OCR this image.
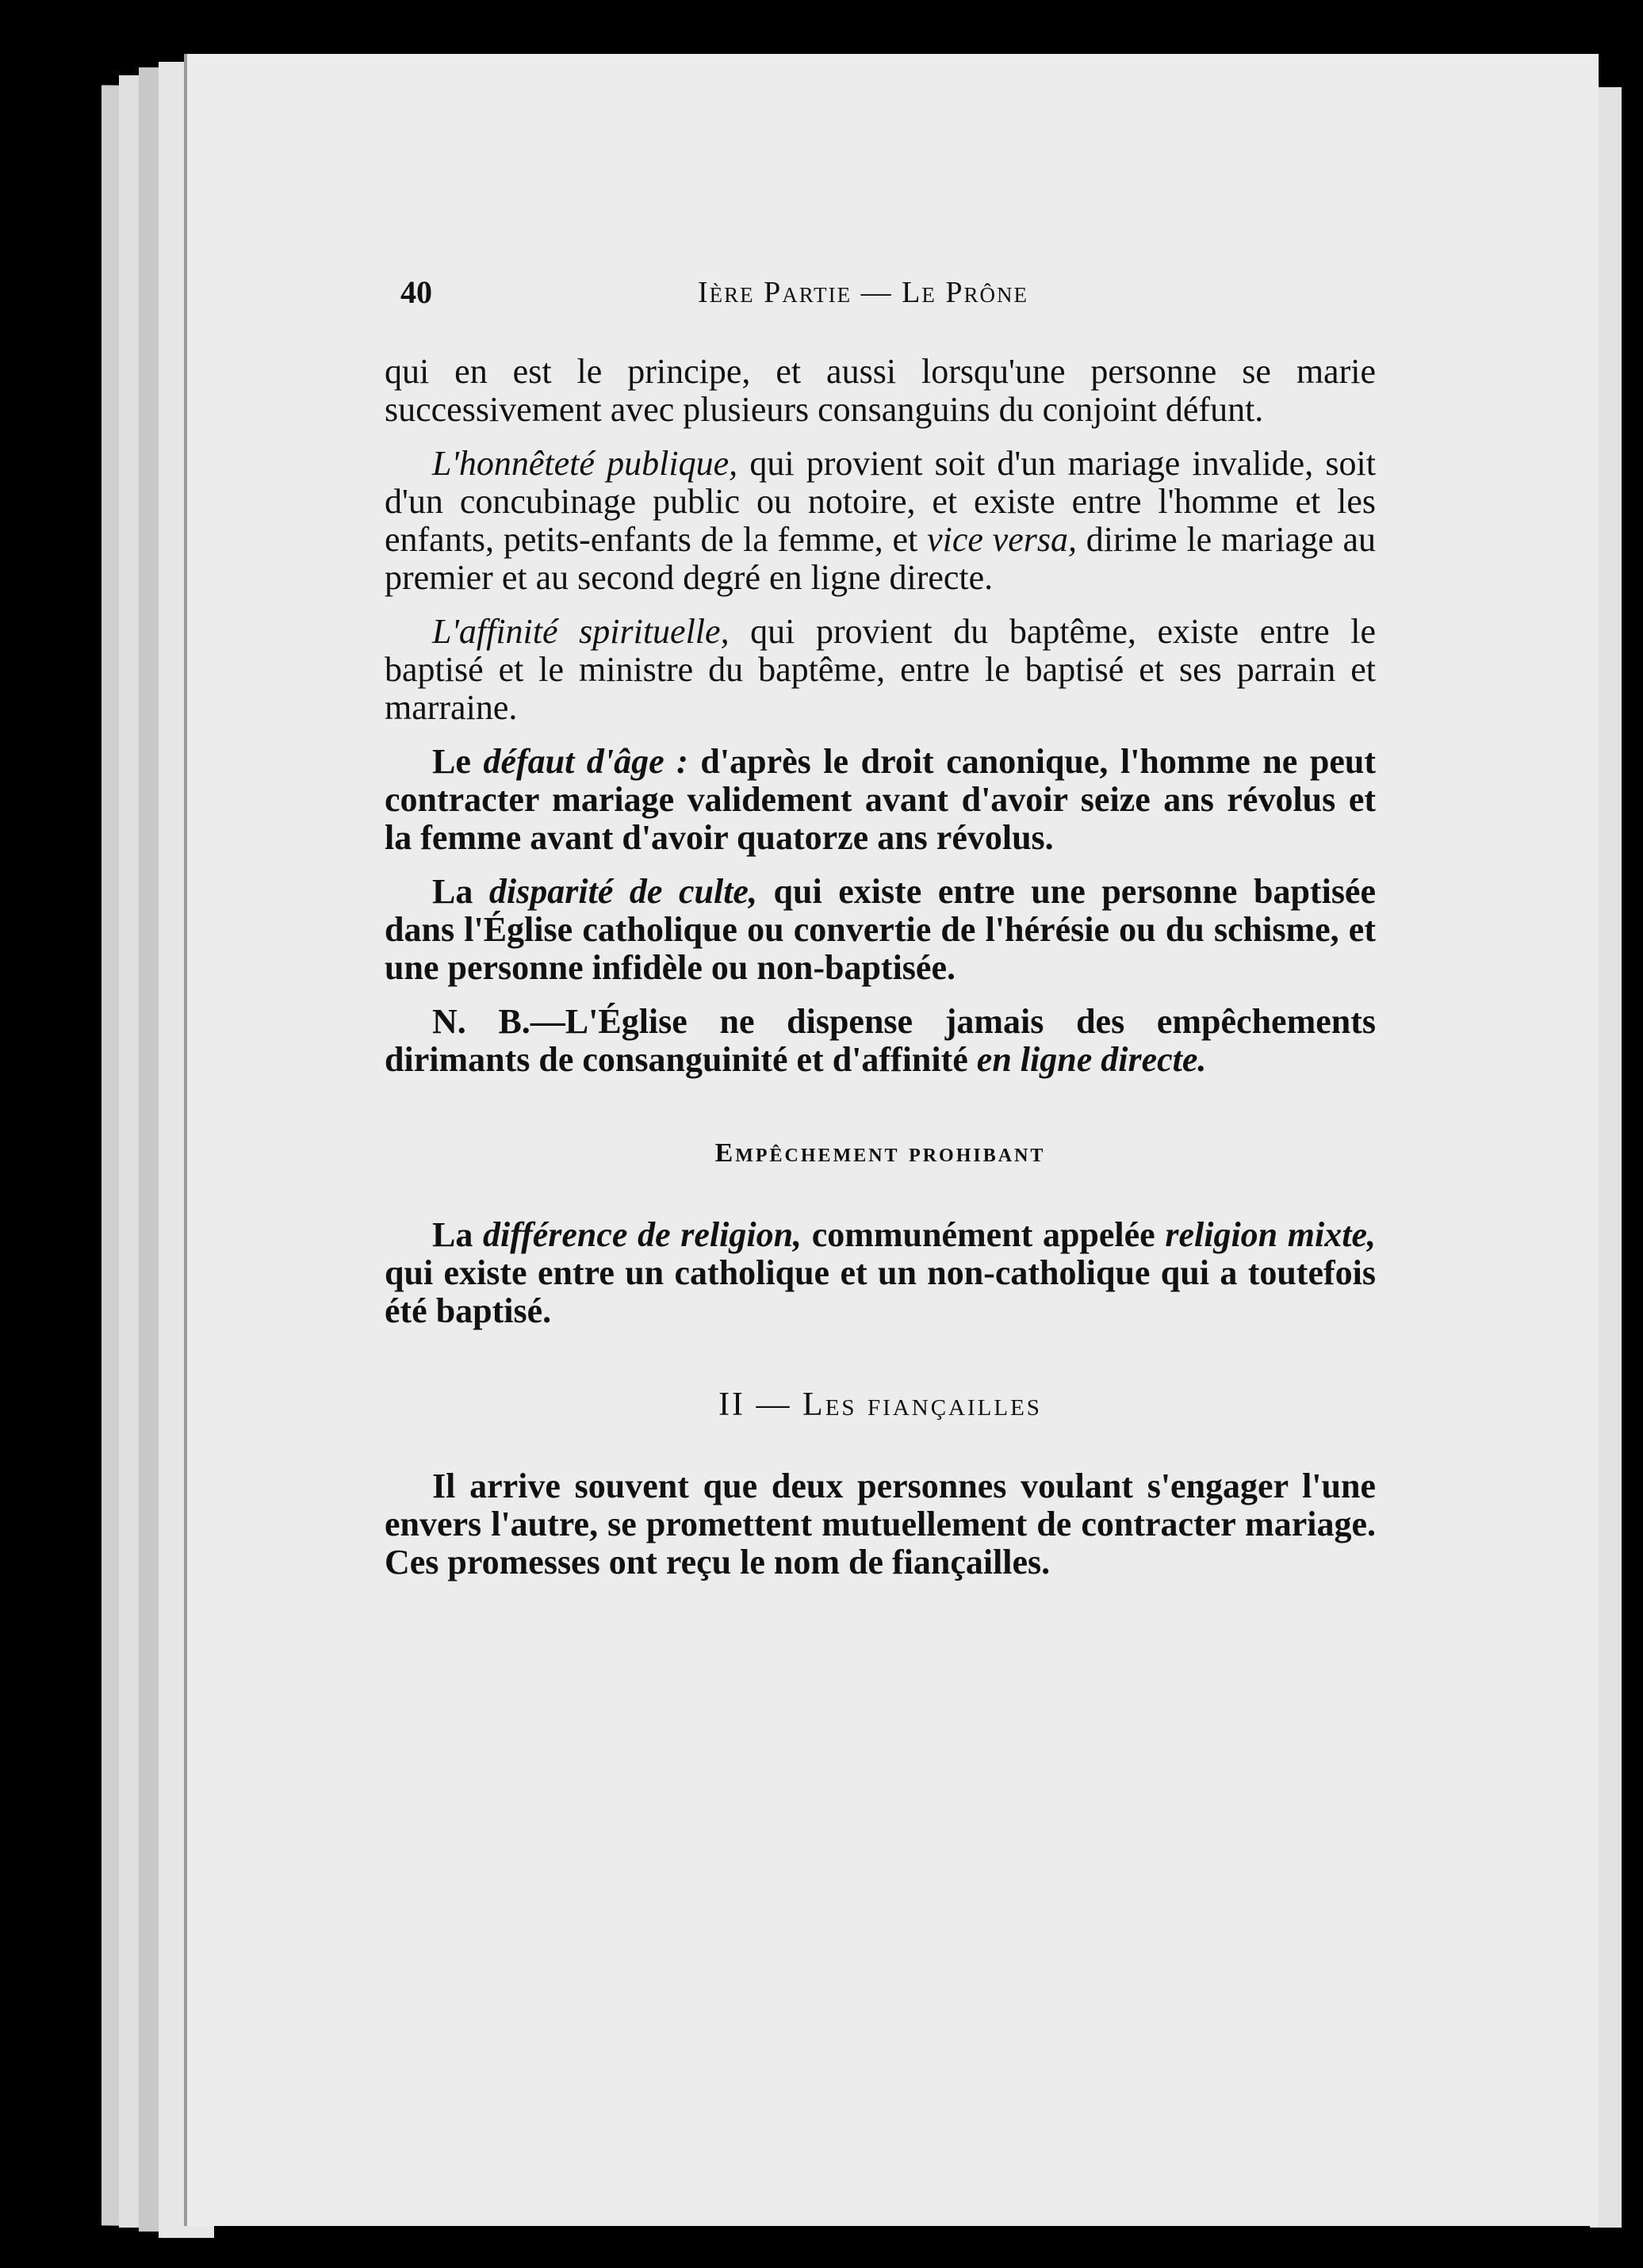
40	Ière Partie — Le Prône

qui en est le principe, et aussi lorsqu'une personne se marie successivement avec plusieurs consanguins du conjoint défunt.

L'honnêteté publique, qui provient soit d'un mariage invalide, soit d'un concubinage public ou notoire, et existe entre l'homme et les enfants, petits-enfants de la femme, et vice versa, dirime le mariage au premier et au second degré en ligne directe.

L'affinité spirituelle, qui provient du baptême, existe entre le baptisé et le ministre du baptême, entre le baptisé et ses parrain et marraine.

Le défaut d'âge : d'après le droit canonique, l'homme ne peut contracter mariage validement avant d'avoir seize ans révolus et la femme avant d'avoir quatorze ans révolus.

La disparité de culte, qui existe entre une personne baptisée dans l'Église catholique ou convertie de l'hérésie ou du schisme, et une personne infidèle ou non-baptisée.

N. B.—L'Église ne dispense jamais des empêchements dirimants de consanguinité et d'affinité en ligne directe.

Empêchement prohibant

La différence de religion, communément appelée religion mixte, qui existe entre un catholique et un non-catholique qui a toutefois été baptisé.

II — Les fiançailles

Il arrive souvent que deux personnes voulant s'engager l'une envers l'autre, se promettent mutuellement de contracter mariage. Ces promesses ont reçu le nom de fiançailles.
